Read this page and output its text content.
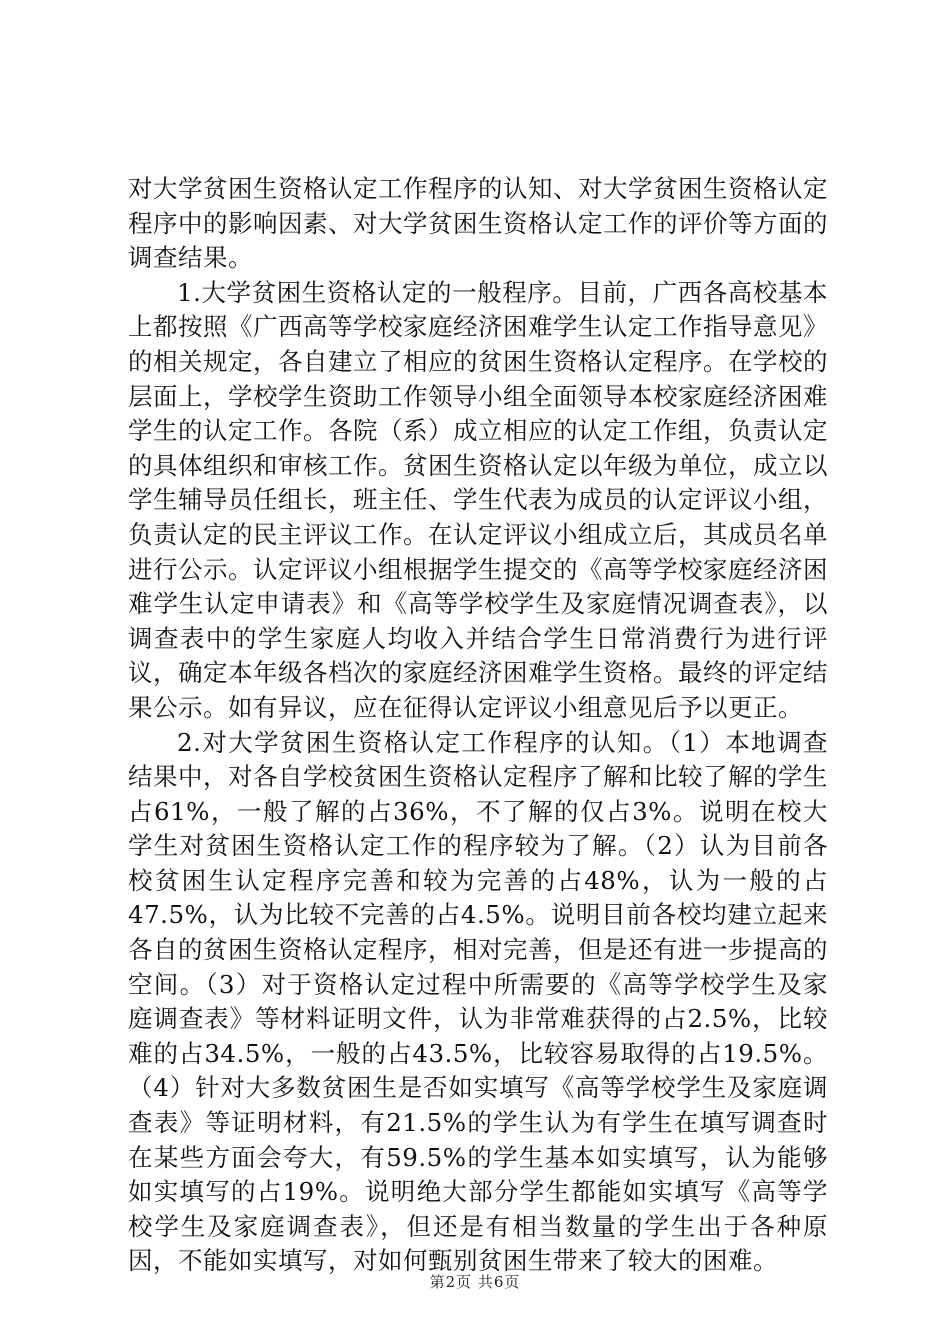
对大学贫困生资格认定工作程序的认知、对大学贫困生资格认定程序中的影响因素、对大学贫困生资格认定工作的评价等方面的调查结果。

1.大学贫困生资格认定的一般程序。目前，广西各高校基本上都按照《广西高等学校家庭经济困难学生认定工作指导意见》的相关规定，各自建立了相应的贫困生资格认定程序。在学校的层面上，学校学生资助工作领导小组全面领导本校家庭经济困难学生的认定工作。各院（系）成立相应的认定工作组，负责认定的具体组织和审核工作。贫困生资格认定以年级为单位，成立以学生辅导员任组长，班主任、学生代表为成员的认定评议小组，负责认定的民主评议工作。在认定评议小组成立后，其成员名单进行公示。认定评议小组根据学生提交的《高等学校家庭经济困难学生认定申请表》和《高等学校学生及家庭情况调查表》，以调查表中的学生家庭人均收入并结合学生日常消费行为进行评议，确定本年级各档次的家庭经济困难学生资格。最终的评定结果公示。如有异议，应在征得认定评议小组意见后予以更正。

2.对大学贫困生资格认定工作程序的认知。（1）本地调查结果中，对各自学校贫困生资格认定程序了解和比较了解的学生占61%，一般了解的占36%，不了解的仅占3%。说明在校大学生对贫困生资格认定工作的程序较为了解。（2）认为目前各校贫困生认定程序完善和较为完善的占48%，认为一般的占47.5%，认为比较不完善的占4.5%。说明目前各校均建立起来各自的贫困生资格认定程序，相对完善，但是还有进一步提高的空间。（3）对于资格认定过程中所需要的《高等学校学生及家庭调查表》等材料证明文件，认为非常难获得的占2.5%，比较难的占34.5%，一般的占43.5%，比较容易取得的占19.5%。（4）针对大多数贫困生是否如实填写《高等学校学生及家庭调查表》等证明材料，有21.5%的学生认为有学生在填写调查时在某些方面会夸大，有59.5%的学生基本如实填写，认为能够如实填写的占19%。说明绝大部分学生都能如实填写《高等学校学生及家庭调查表》，但还是有相当数量的学生出于各种原因，不能如实填写，对如何甄别贫困生带来了较大的困难。

第2页 共6页
